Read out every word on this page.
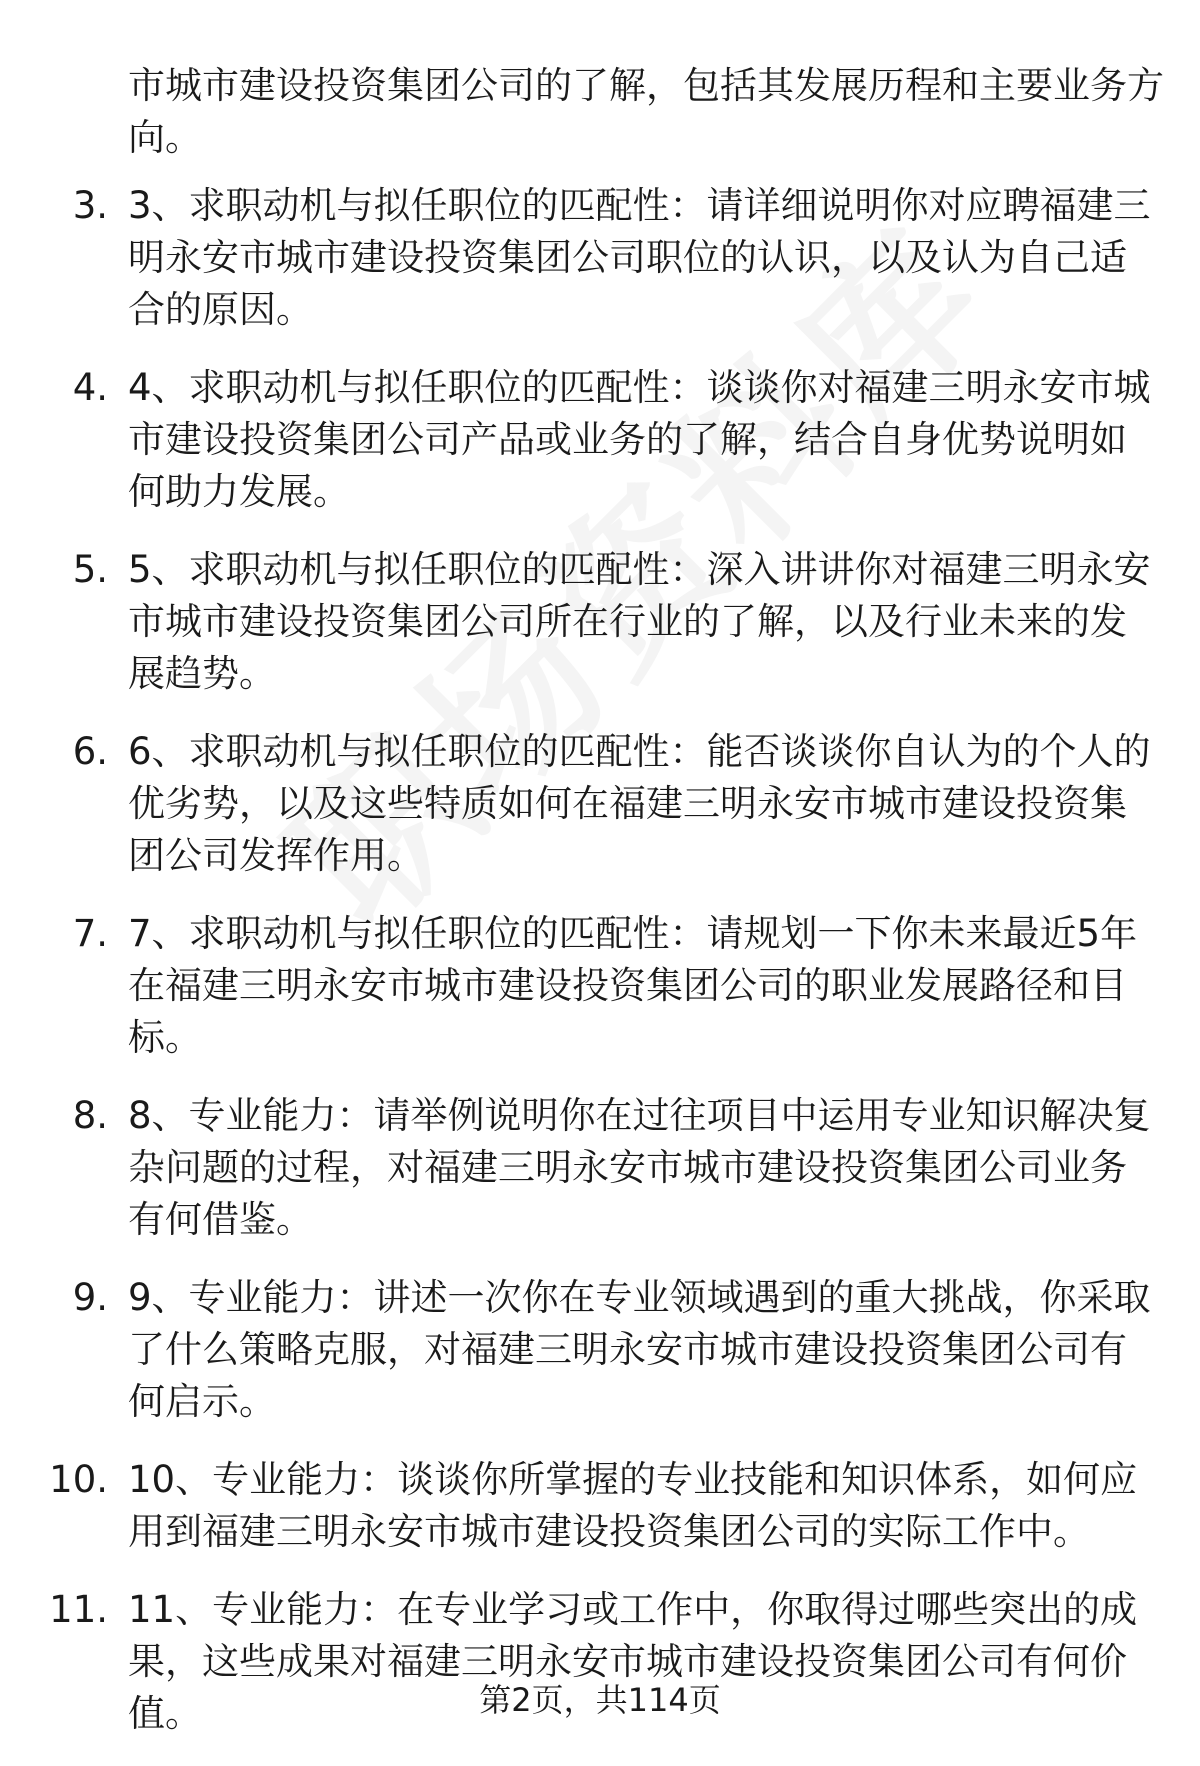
市城市建设投资集团公司的了解，包括其发展历程和主要业务方向。
3. 3、求职动机与拟任职位的匹配性：请详细说明你对应聘福建三明永安市城市建设投资集团公司职位的认识，以及认为自己适合的原因。
4. 4、求职动机与拟任职位的匹配性：谈谈你对福建三明永安市城市建设投资集团公司产品或业务的了解，结合自身优势说明如何助力发展。
5. 5、求职动机与拟任职位的匹配性：深入讲讲你对福建三明永安市城市建设投资集团公司所在行业的了解，以及行业未来的发展趋势。
6. 6、求职动机与拟任职位的匹配性：能否谈谈你自认为的个人的优劣势，以及这些特质如何在福建三明永安市城市建设投资集团公司发挥作用。
7. 7、求职动机与拟任职位的匹配性：请规划一下你未来最近5年在福建三明永安市城市建设投资集团公司的职业发展路径和目标。
8. 8、专业能力：请举例说明你在过往项目中运用专业知识解决复杂问题的过程，对福建三明永安市城市建设投资集团公司业务有何借鉴。
9. 9、专业能力：讲述一次你在专业领域遇到的重大挑战，你采取了什么策略克服，对福建三明永安市城市建设投资集团公司有何启示。
10. 10、专业能力：谈谈你所掌握的专业技能和知识体系，如何应用到福建三明永安市城市建设投资集团公司的实际工作中。
11. 11、专业能力：在专业学习或工作中，你取得过哪些突出的成果，这些成果对福建三明永安市城市建设投资集团公司有何价值。	第2页，共114页
